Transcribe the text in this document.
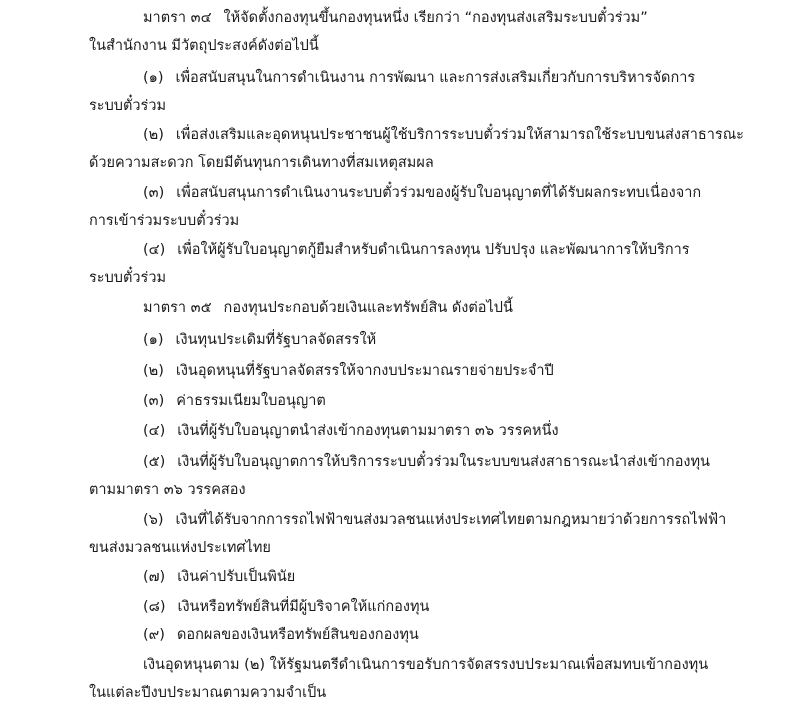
มาตรา ๓๔ ให้จัดตั้งกองทุนขึ้นกองทุนหนึ่ง เรียกว่า “กองทุนส่งเสริมระบบตั๋วร่วม”
ในสำนักงาน มีวัตถุประสงค์ดังต่อไปนี้
(๑) เพื่อสนับสนุนในการดำเนินงาน การพัฒนา และการส่งเสริมเกี่ยวกับการบริหารจัดการ
ระบบตั๋วร่วม
(๒) เพื่อส่งเสริมและอุดหนุนประชาชนผู้ใช้บริการระบบตั๋วร่วมให้สามารถใช้ระบบขนส่งสาธารณะ
ด้วยความสะดวก โดยมีต้นทุนการเดินทางที่สมเหตุสมผล
(๓) เพื่อสนับสนุนการดำเนินงานระบบตั๋วร่วมของผู้รับใบอนุญาตที่ได้รับผลกระทบเนื่องจาก
การเข้าร่วมระบบตั๋วร่วม
(๔) เพื่อให้ผู้รับใบอนุญาตกู้ยืมสำหรับดำเนินการลงทุน ปรับปรุง และพัฒนาการให้บริการ
ระบบตั๋วร่วม
มาตรา ๓๕ กองทุนประกอบด้วยเงินและทรัพย์สิน ดังต่อไปนี้
(๑) เงินทุนประเดิมที่รัฐบาลจัดสรรให้
(๒) เงินอุดหนุนที่รัฐบาลจัดสรรให้จากงบประมาณรายจ่ายประจำปี
(๓) ค่าธรรมเนียมใบอนุญาต
(๔) เงินที่ผู้รับใบอนุญาตนำส่งเข้ากองทุนตามมาตรา ๓๖ วรรคหนึ่ง
(๕) เงินที่ผู้รับใบอนุญาตการให้บริการระบบตั๋วร่วมในระบบขนส่งสาธารณะนำส่งเข้ากองทุน
ตามมาตรา ๓๖ วรรคสอง
(๖) เงินที่ได้รับจากการรถไฟฟ้าขนส่งมวลชนแห่งประเทศไทยตามกฎหมายว่าด้วยการรถไฟฟ้า
ขนส่งมวลชนแห่งประเทศไทย
(๗) เงินค่าปรับเป็นพินัย
(๘) เงินหรือทรัพย์สินที่มีผู้บริจาคให้แก่กองทุน
(๙) ดอกผลของเงินหรือทรัพย์สินของกองทุน
เงินอุดหนุนตาม (๒) ให้รัฐมนตรีดำเนินการขอรับการจัดสรรงบประมาณเพื่อสมทบเข้ากองทุน
ในแต่ละปีงบประมาณตามความจำเป็น
